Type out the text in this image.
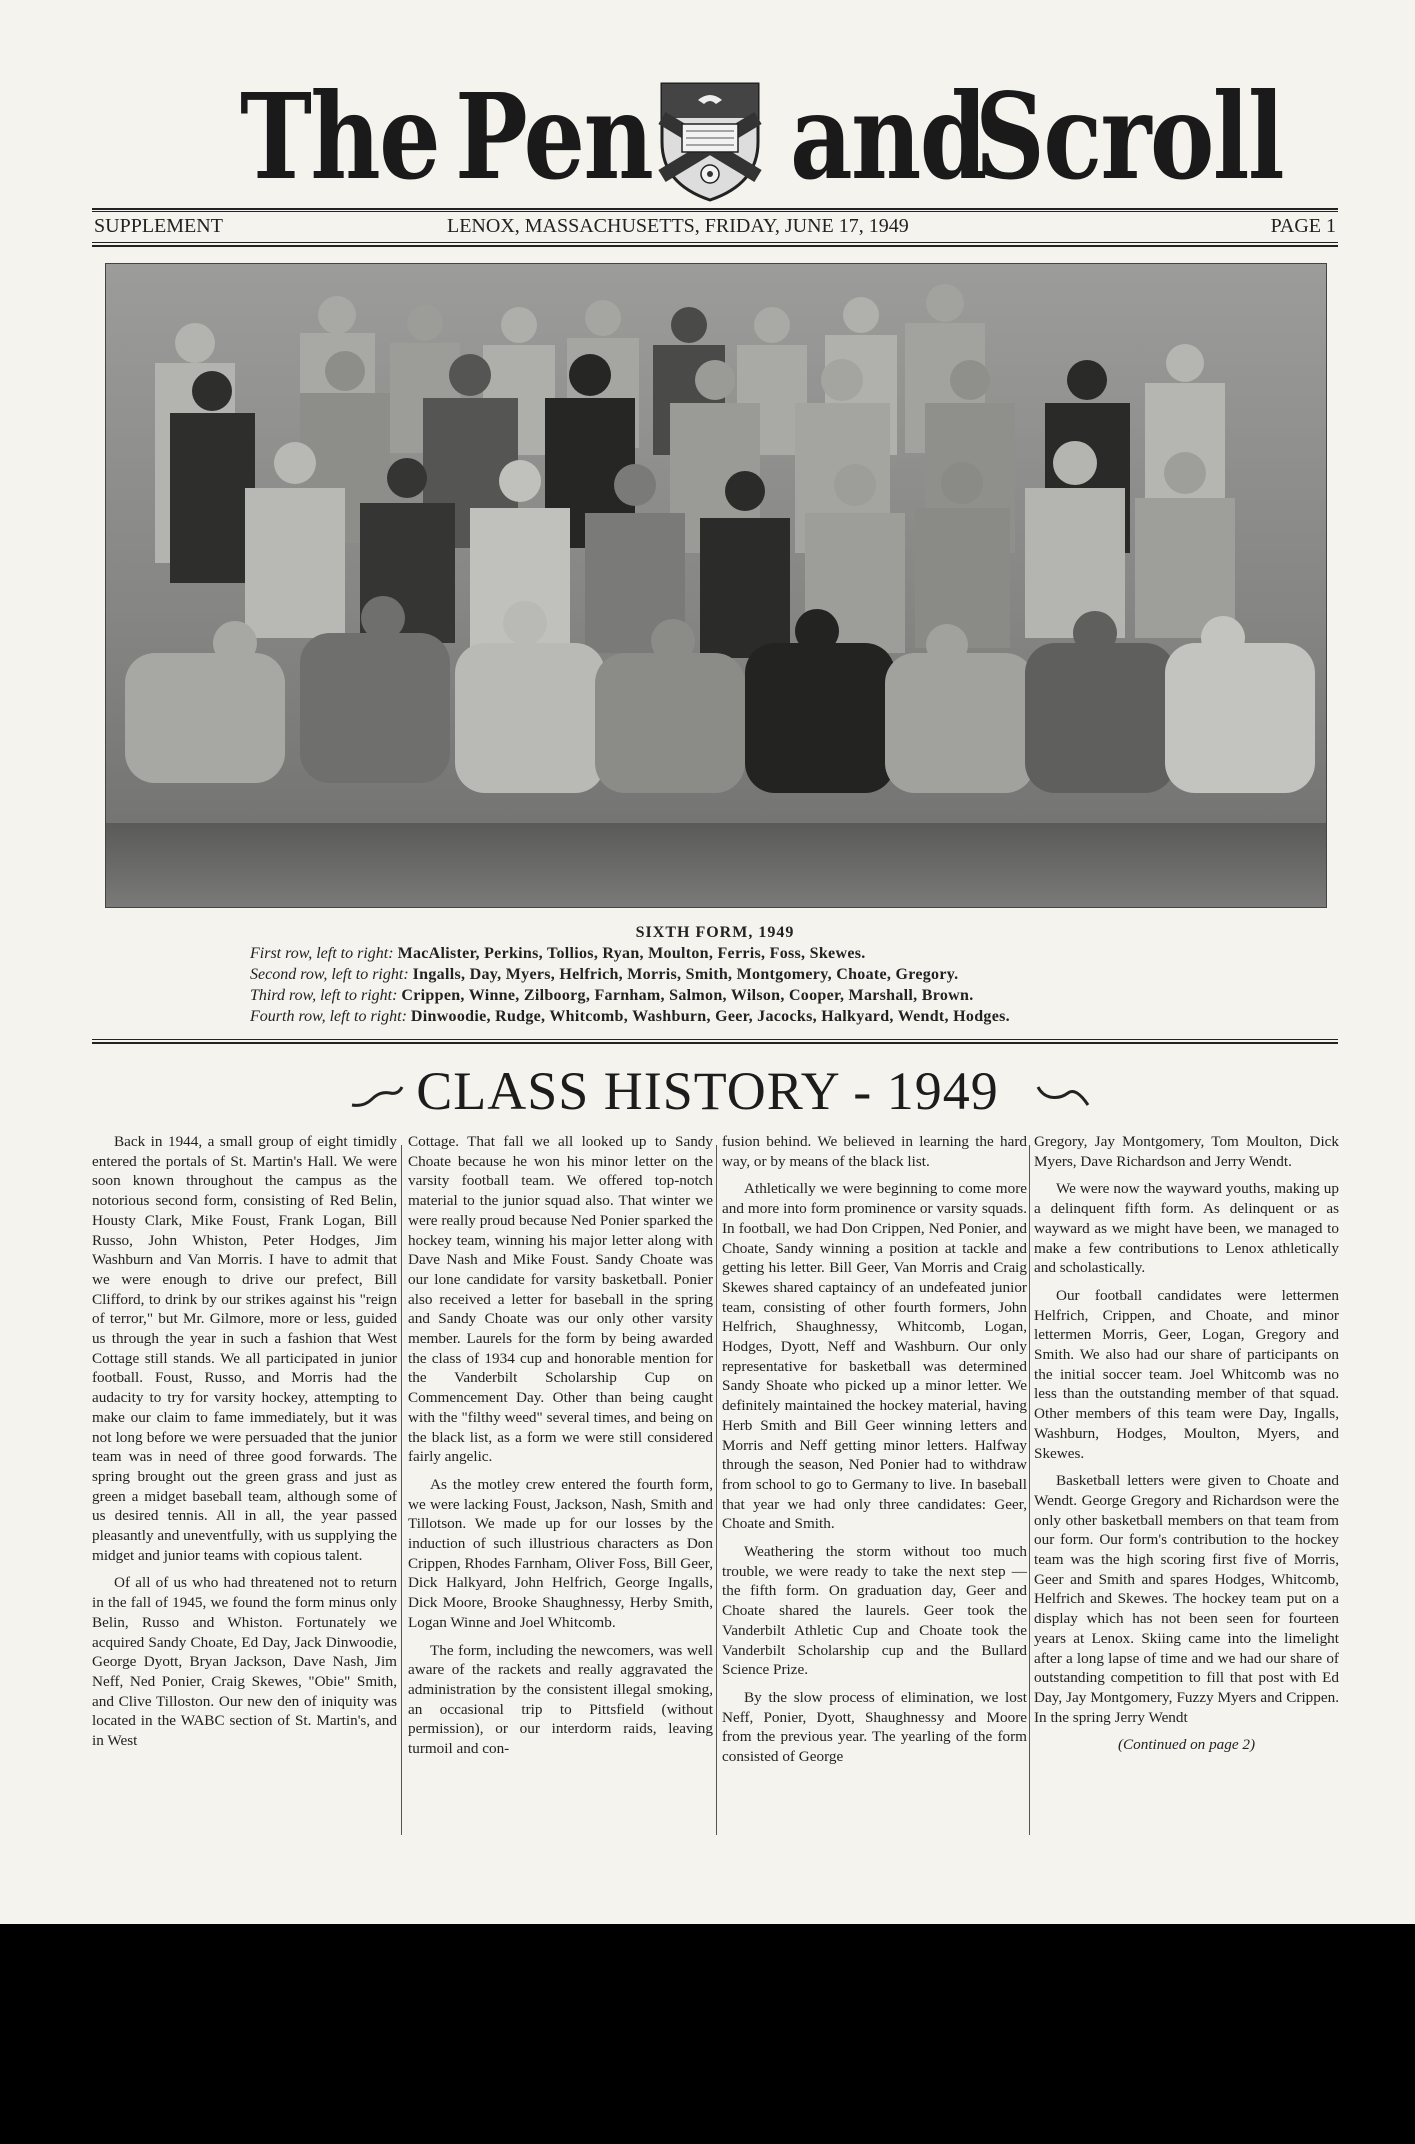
The Pen and
Scroll
SUPPLEMENT	LENOX, MASSACHUSETTS, FRIDAY, JUNE 17, 1949	PAGE 1
SIXTH FORM, 1949
First row, left to right: MacAlister, Perkins, Tollios, Ryan, Moulton, Ferris, Foss, Skewes.
Second row, left to right: Ingalls, Day, Myers, Helfrich, Morris, Smith, Montgomery, Choate, Gregory.
Third row, left to right: Crippen, Winne, Zilboorg, Farnham, Salmon, Wilson, Cooper, Marshall, Brown.
Fourth row, left to right: Dinwoodie, Rudge, Whitcomb, Washburn, Geer, Jacocks, Halkyard, Wendt, Hodges.
CLASS HISTORY - 1949

Back in 1944, a small group of eight timidly entered the portals of St. Martin's Hall. We were soon known throughout the campus as the notorious second form, consisting of Red Belin, Housty Clark, Mike Foust, Frank Logan, Bill Russo, John Whiston, Peter Hodges, Jim Washburn and Van Morris. I have to admit that we were enough to drive our prefect, Bill Clifford, to drink by our strikes against his "reign of terror," but Mr. Gilmore, more or less, guided us through the year in such a fashion that West Cottage still stands. We all participated in junior football. Foust, Russo, and Morris had the audacity to try for varsity hockey, attempting to make our claim to fame immediately, but it was not long before we were persuaded that the junior team was in need of three good forwards. The spring brought out the green grass and just as green a midget baseball team, although some of us desired tennis. All in all, the year passed pleasantly and uneventfully, with us supplying the midget and junior teams with copious talent.

Of all of us who had threatened not to return in the fall of 1945, we found the form minus only Belin, Russo and Whiston. Fortunately we acquired Sandy Choate, Ed Day, Jack Dinwoodie, George Dyott, Bryan Jackson, Dave Nash, Jim Neff, Ned Ponier, Craig Skewes, "Obie" Smith, and Clive Tilloston. Our new den of iniquity was located in the WABC section of St. Martin's, and in West

Cottage. That fall we all looked up to Sandy Choate because he won his minor letter on the varsity football team. We offered top-notch material to the junior squad also. That winter we were really proud because Ned Ponier sparked the hockey team, winning his major letter along with Dave Nash and Mike Foust. Sandy Choate was our lone candidate for varsity basketball. Ponier also received a letter for baseball in the spring and Sandy Choate was our only other varsity member. Laurels for the form by being awarded the class of 1934 cup and honorable mention for the Vanderbilt Scholarship Cup on Commencement Day. Other than being caught with the "filthy weed" several times, and being on the black list, as a form we were still considered fairly angelic.

As the motley crew entered the fourth form, we were lacking Foust, Jackson, Nash, Smith and Tillotson. We made up for our losses by the induction of such illustrious characters as Don Crippen, Rhodes Farnham, Oliver Foss, Bill Geer, Dick Halkyard, John Helfrich, George Ingalls, Dick Moore, Brooke Shaughnessy, Herby Smith, Logan Winne and Joel Whitcomb.

The form, including the newcomers, was well aware of the rackets and really aggravated the administration by the consistent illegal smoking, an occasional trip to Pittsfield (without permission), or our interdorm raids, leaving turmoil and con-

fusion behind. We believed in learning the hard way, or by means of the black list.

Athletically we were beginning to come more and more into form prominence or varsity squads. In football, we had Don Crippen, Ned Ponier, and Choate, Sandy winning a position at tackle and getting his letter. Bill Geer, Van Morris and Craig Skewes shared captaincy of an undefeated junior team, consisting of other fourth formers, John Helfrich, Shaughnessy, Whitcomb, Logan, Hodges, Dyott, Neff and Washburn. Our only representative for basketball was determined Sandy Shoate who picked up a minor letter. We definitely maintained the hockey material, having Herb Smith and Bill Geer winning letters and Morris and Neff getting minor letters. Halfway through the season, Ned Ponier had to withdraw from school to go to Germany to live. In baseball that year we had only three candidates: Geer, Choate and Smith.

Weathering the storm without too much trouble, we were ready to take the next step — the fifth form. On graduation day, Geer and Choate shared the laurels. Geer took the Vanderbilt Athletic Cup and Choate took the Vanderbilt Scholarship cup and the Bullard Science Prize.

By the slow process of elimination, we lost Neff, Ponier, Dyott, Shaughnessy and Moore from the previous year. The yearling of the form consisted of George

Gregory, Jay Montgomery, Tom Moulton, Dick Myers, Dave Richardson and Jerry Wendt.

We were now the wayward youths, making up a delinquent fifth form. As delinquent or as wayward as we might have been, we managed to make a few contributions to Lenox athletically and scholastically.

Our football candidates were lettermen Helfrich, Crippen, and Choate, and minor lettermen Morris, Geer, Logan, Gregory and Smith. We also had our share of participants on the initial soccer team. Joel Whitcomb was no less than the outstanding member of that squad. Other members of this team were Day, Ingalls, Washburn, Hodges, Moulton, Myers, and Skewes.

Basketball letters were given to Choate and Wendt. George Gregory and Richardson were the only other basketball members on that team from our form. Our form's contribution to the hockey team was the high scoring first five of Morris, Geer and Smith and spares Hodges, Whitcomb, Helfrich and Skewes. The hockey team put on a display which has not been seen for fourteen years at Lenox. Skiing came into the limelight after a long lapse of time and we had our share of outstanding competition to fill that post with Ed Day, Jay Montgomery, Fuzzy Myers and Crippen. In the spring Jerry Wendt

(Continued on page 2)
